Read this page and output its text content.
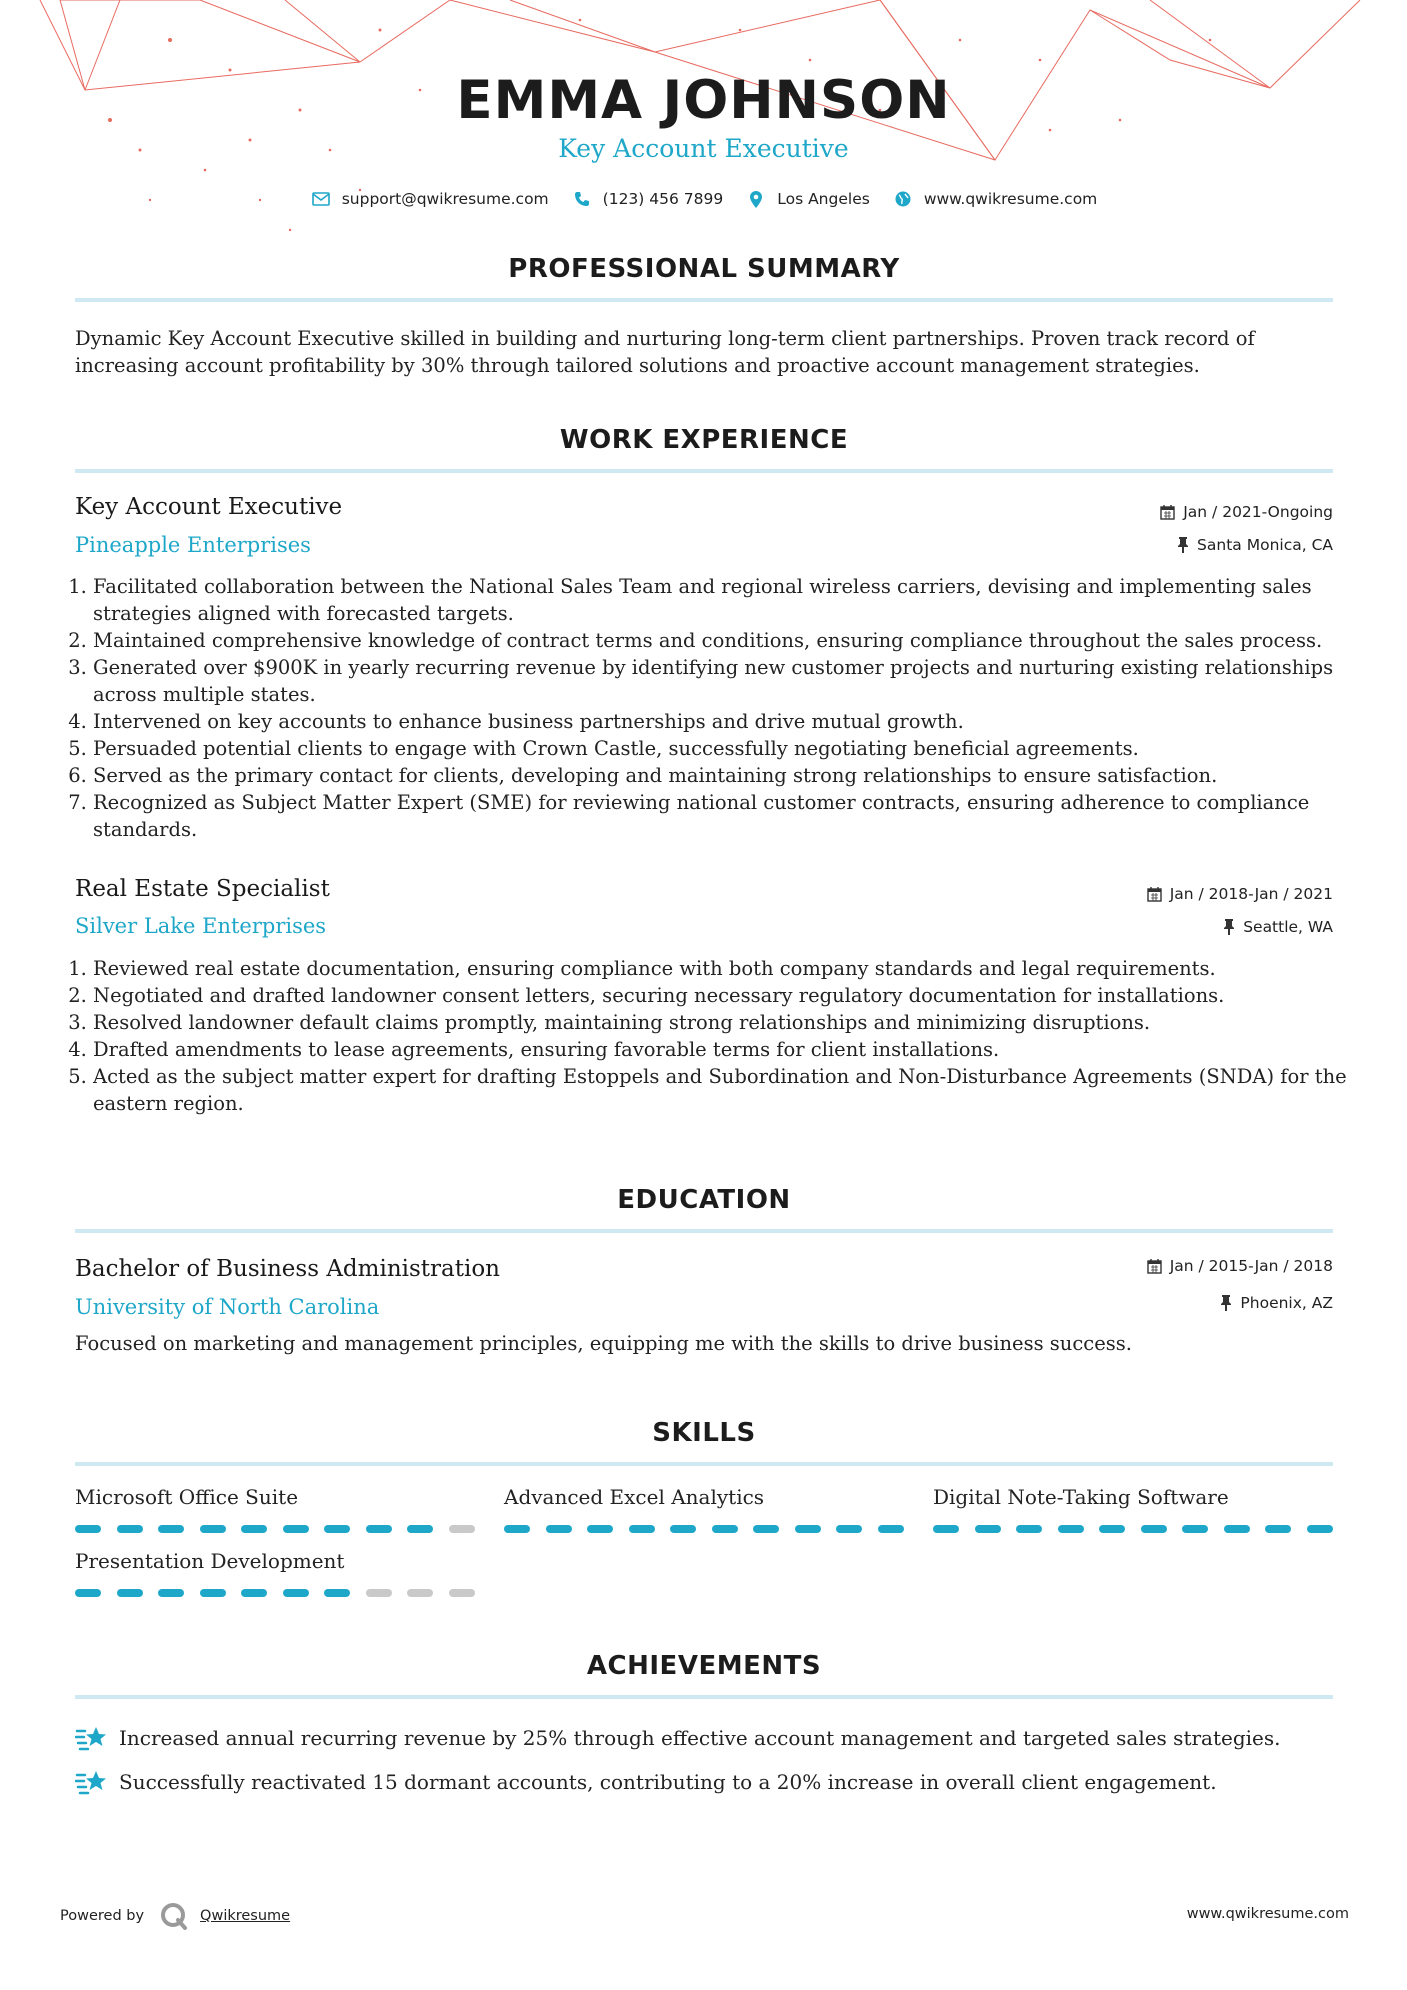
EMMA JOHNSON
Key Account Executive
support@qwikresume.com	(123) 456 7899	Los Angeles	www.qwikresume.com
PROFESSIONAL SUMMARY
Dynamic Key Account Executive skilled in building and nurturing long-term client partnerships. Proven track record of increasing account profitability by 30% through tailored solutions and proactive account management strategies.
WORK EXPERIENCE
Key Account Executive
Pineapple Enterprises
Jan / 2021-Ongoing
Santa Monica, CA
1. Facilitated collaboration between the National Sales Team and regional wireless carriers, devising and implementing sales strategies aligned with forecasted targets.
2. Maintained comprehensive knowledge of contract terms and conditions, ensuring compliance throughout the sales process.
3. Generated over $900K in yearly recurring revenue by identifying new customer projects and nurturing existing relationships across multiple states.
4. Intervened on key accounts to enhance business partnerships and drive mutual growth.
5. Persuaded potential clients to engage with Crown Castle, successfully negotiating beneficial agreements.
6. Served as the primary contact for clients, developing and maintaining strong relationships to ensure satisfaction.
7. Recognized as Subject Matter Expert (SME) for reviewing national customer contracts, ensuring adherence to compliance standards.
Real Estate Specialist
Silver Lake Enterprises
Jan / 2018-Jan / 2021
Seattle, WA
1. Reviewed real estate documentation, ensuring compliance with both company standards and legal requirements.
2. Negotiated and drafted landowner consent letters, securing necessary regulatory documentation for installations.
3. Resolved landowner default claims promptly, maintaining strong relationships and minimizing disruptions.
4. Drafted amendments to lease agreements, ensuring favorable terms for client installations.
5. Acted as the subject matter expert for drafting Estoppels and Subordination and Non-Disturbance Agreements (SNDA) for the eastern region.
EDUCATION
Bachelor of Business Administration
University of North Carolina
Jan / 2015-Jan / 2018
Phoenix, AZ
Focused on marketing and management principles, equipping me with the skills to drive business success.
SKILLS
Microsoft Office Suite	Advanced Excel Analytics	Digital Note-Taking Software
Presentation Development
ACHIEVEMENTS
Increased annual recurring revenue by 25% through effective account management and targeted sales strategies.
Successfully reactivated 15 dormant accounts, contributing to a 20% increase in overall client engagement.
Powered by	Qwikresume	www.qwikresume.com
